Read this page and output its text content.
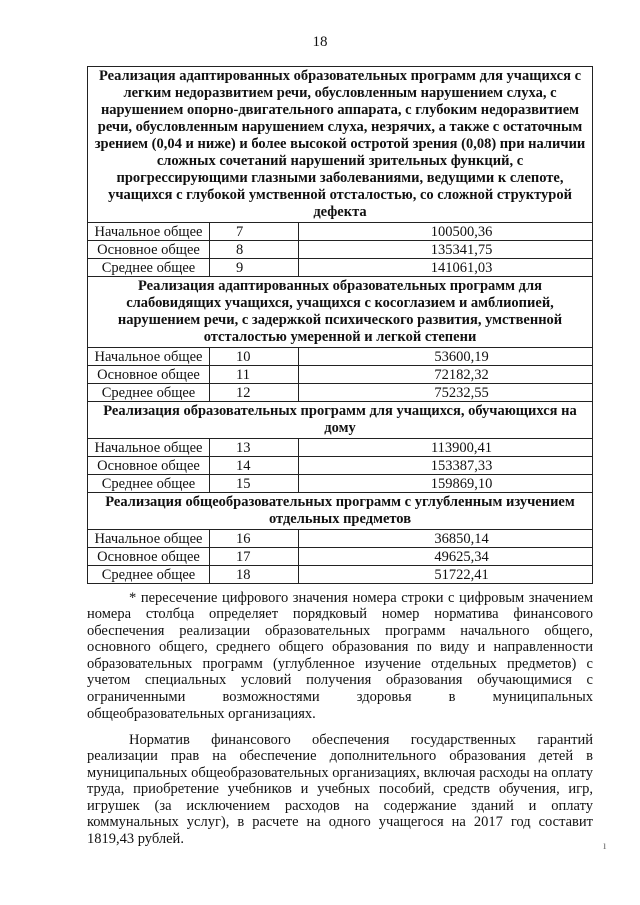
18
Реализация адаптированных образовательных программ для учащихся с легким недоразвитием речи, обусловленным нарушением слуха, с нарушением опорно-двигательного аппарата, с глубоким недоразвитием речи, обусловленным нарушением слуха, незрячих, а также с остаточным зрением (0,04 и ниже) и более высокой остротой зрения (0,08) при наличии сложных сочетаний нарушений зрительных функций, с прогрессирующими глазными заболеваниями, ведущими к слепоте, учащихся с глубокой умственной отсталостью, со сложной структурой дефекта		
Начальное общее	7	100500,36
Основное общее	8	135341,75
Среднее общее	9	141061,03
Реализация адаптированных образовательных программ для слабовидящих учащихся, учащихся с косоглазием и амблиопией, нарушением речи, с задержкой психического развития, умственной отсталостью умеренной и легкой степени		
Начальное общее	10	53600,19
Основное общее	11	72182,32
Среднее общее	12	75232,55
Реализация образовательных программ для учащихся, обучающихся на дому		
Начальное общее	13	113900,41
Основное общее	14	153387,33
Среднее общее	15	159869,10
Реализация общеобразовательных программ с углубленным изучением отдельных предметов		
Начальное общее	16	36850,14
Основное общее	17	49625,34
Среднее общее	18	51722,41

* пересечение цифрового значения номера строки с цифровым значением номера столбца определяет порядковый номер норматива финансового обеспечения реализации образовательных программ начального общего, основного общего, среднего общего образования по виду и направленности образовательных программ (углубленное изучение отдельных предметов) с учетом специальных условий получения образования обучающимися с ограниченными возможностями здоровья в муниципальных общеобразовательных организациях.

Норматив финансового обеспечения государственных гарантий реализации прав на обеспечение дополнительного образования детей в муниципальных общеобразовательных организациях, включая расходы на оплату труда, приобретение учебников и учебных пособий, средств обучения, игр, игрушек (за исключением расходов на содержание зданий и оплату коммунальных услуг), в расчете на одного учащегося на 2017 год составит 1819,43 рублей.	ı
